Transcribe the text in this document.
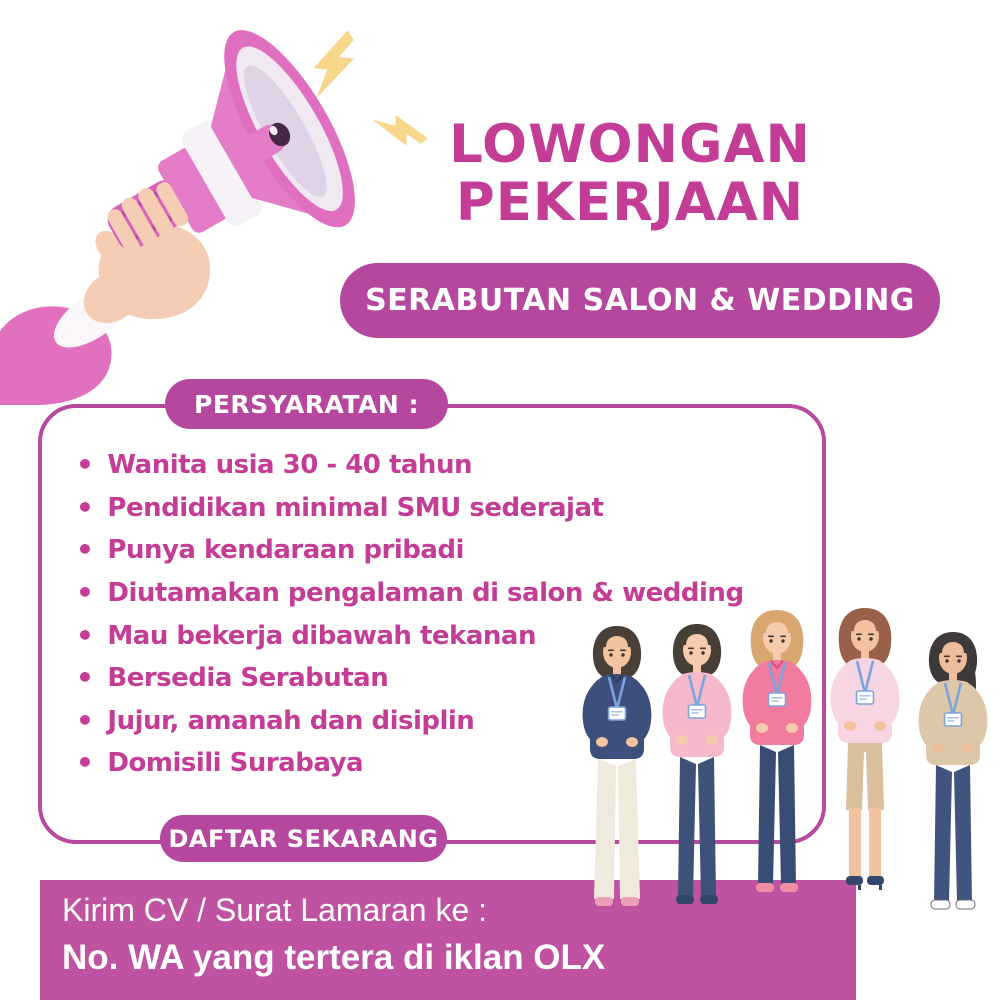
LOWONGAN
PEKERJAAN
SERABUTAN SALON & WEDDING
PERSYARATAN :
• Wanita usia 30 - 40 tahun
• Pendidikan minimal SMU sederajat
• Punya kendaraan pribadi
• Diutamakan pengalaman di salon & wedding
• Mau bekerja dibawah tekanan
• Bersedia Serabutan
• Jujur, amanah dan disiplin
• Domisili Surabaya
DAFTAR SEKARANG
Kirim CV / Surat Lamaran ke :
No. WA yang tertera di iklan OLX
